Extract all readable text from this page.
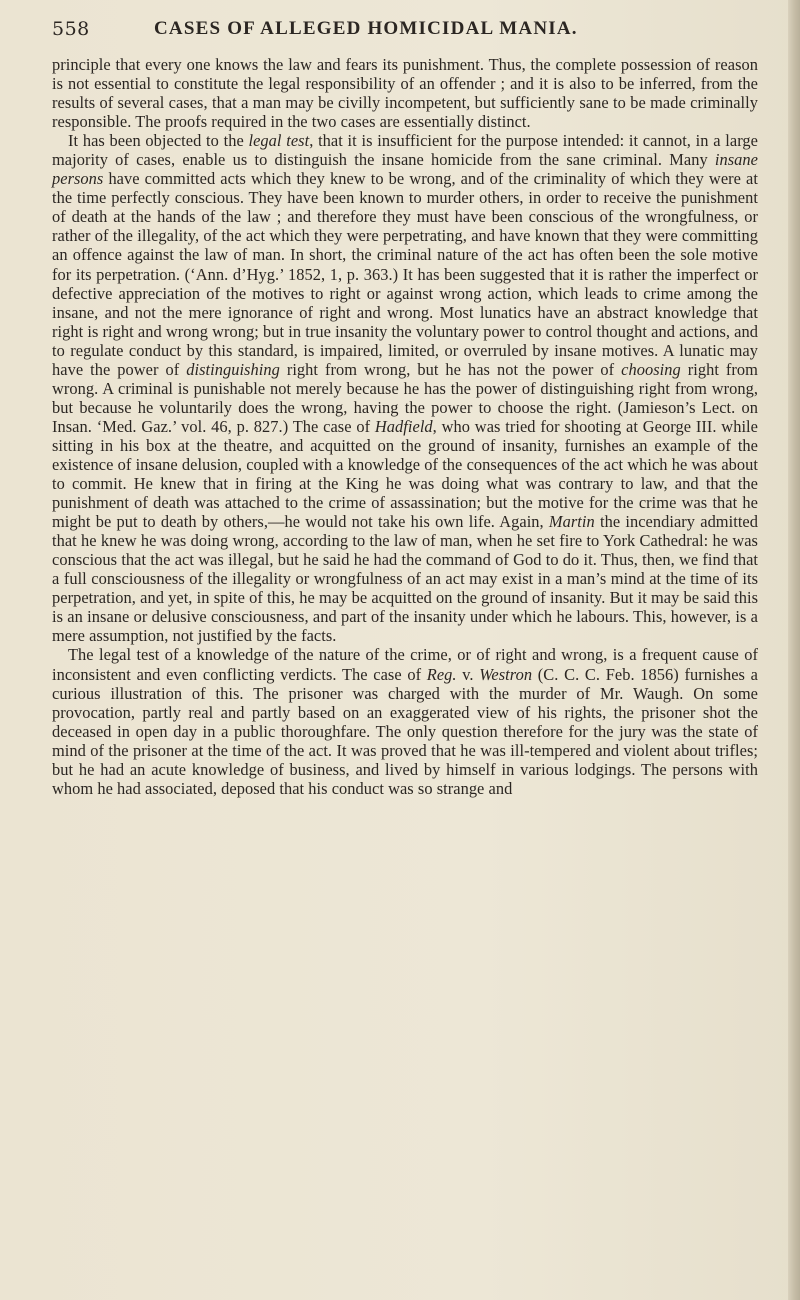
558	CASES OF ALLEGED HOMICIDAL MANIA.

principle that every one knows the law and fears its punishment. Thus, the complete possession of reason is not essential to constitute the legal responsibility of an offender ; and it is also to be inferred, from the results of several cases, that a man may be civilly incompetent, but sufficiently sane to be made criminally responsible. The proofs required in the two cases are essentially distinct.

It has been objected to the legal test, that it is insufficient for the purpose intended: it cannot, in a large majority of cases, enable us to distinguish the insane homicide from the sane criminal. Many insane persons have committed acts which they knew to be wrong, and of the criminality of which they were at the time perfectly conscious. They have been known to murder others, in order to receive the punishment of death at the hands of the law ; and therefore they must have been conscious of the wrongfulness, or rather of the illegality, of the act which they were perpetrating, and have known that they were committing an offence against the law of man. In short, the criminal nature of the act has often been the sole motive for its perpetration. (‘Ann. d’Hyg.’ 1852, 1, p. 363.) It has been suggested that it is rather the imperfect or defective appreciation of the motives to right or against wrong action, which leads to crime among the insane, and not the mere ignorance of right and wrong. Most lunatics have an abstract knowledge that right is right and wrong wrong; but in true insanity the voluntary power to control thought and actions, and to regulate conduct by this standard, is impaired, limited, or overruled by insane motives. A lunatic may have the power of distinguishing right from wrong, but he has not the power of choosing right from wrong. A criminal is punishable not merely because he has the power of distinguishing right from wrong, but because he voluntarily does the wrong, having the power to choose the right. (Jamieson’s Lect. on Insan. ‘Med. Gaz.’ vol. 46, p. 827.) The case of Hadfield, who was tried for shooting at George III. while sitting in his box at the theatre, and acquitted on the ground of insanity, furnishes an example of the existence of insane delusion, coupled with a knowledge of the consequences of the act which he was about to commit. He knew that in firing at the King he was doing what was contrary to law, and that the punishment of death was attached to the crime of assassination; but the motive for the crime was that he might be put to death by others,—he would not take his own life. Again, Martin the incendiary admitted that he knew he was doing wrong, according to the law of man, when he set fire to York Cathedral: he was conscious that the act was illegal, but he said he had the command of God to do it. Thus, then, we find that a full consciousness of the illegality or wrongfulness of an act may exist in a man’s mind at the time of its perpetration, and yet, in spite of this, he may be acquitted on the ground of insanity. But it may be said this is an insane or delusive consciousness, and part of the insanity under which he labours. This, however, is a mere assumption, not justified by the facts.

The legal test of a knowledge of the nature of the crime, or of right and wrong, is a frequent cause of inconsistent and even conflicting verdicts. The case of Reg. v. Westron (C. C. C. Feb. 1856) furnishes a curious illustration of this. The prisoner was charged with the murder of Mr. Waugh. On some provocation, partly real and partly based on an exaggerated view of his rights, the prisoner shot the deceased in open day in a public thoroughfare. The only question therefore for the jury was the state of mind of the prisoner at the time of the act. It was proved that he was ill-tempered and violent about trifles; but he had an acute knowledge of business, and lived by himself in various lodgings. The persons with whom he had associated, deposed that his conduct was so strange and
